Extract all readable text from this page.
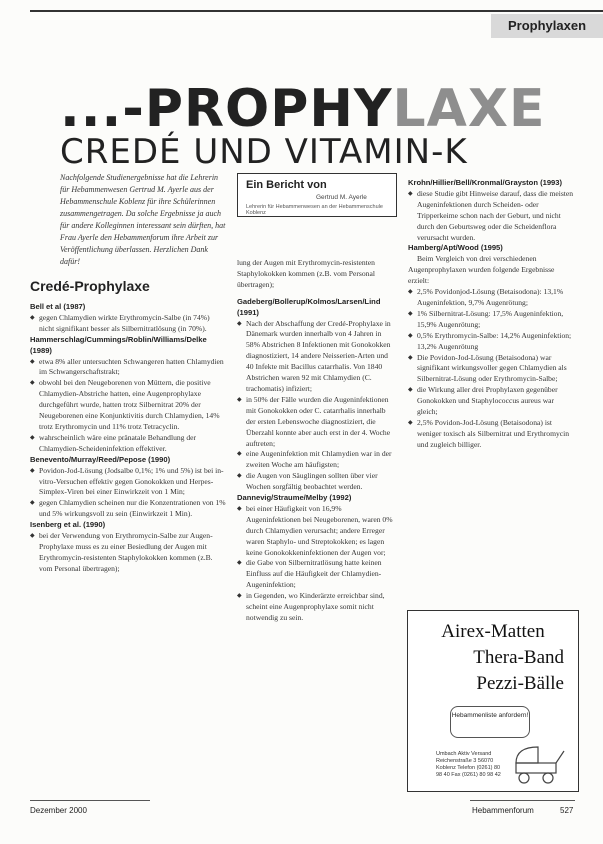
Prophylaxen
...-PROPHYLAXE
CREDÉ UND VITAMIN-K
Nachfolgende Studienergebnisse hat die Lehrerin für Hebammenwesen Gertrud M. Ayerle aus der Hebammenschule Koblenz für ihre Schülerinnen zusammengetragen. Da solche Ergebnisse ja auch für andere Kolleginnen interessant sein dürften, hat Frau Ayerle den Hebammenforum ihre Arbeit zur Veröffentlichung überlassen. Herzlichen Dank dafür!
Ein Bericht von
Gertrud M. Ayerle
Lehrerin für Hebammenwesen an der Hebammenschule Koblenz
Credé-Prophylaxe
Bell et al (1987)
◆ gegen Chlamydien wirkte Erythromycin-Salbe (in 74%) nicht signifikant besser als Silbernitratlösung (in 70%).
Hammerschlag/Cummings/Roblin/Williams/Delke (1989)
◆ etwa 8% aller untersuchten Schwangeren hatten Chlamydien im Schwangerschaftstrakt;
◆ obwohl bei den Neugeborenen von Müttern, die positive Chlamydien-Abstriche hatten, eine Augenprophylaxe durchgeführt wurde, hatten trotz Silbernitrat 20% der Neugeborenen eine Konjunktivitis durch Chlamydien, 14% trotz Erythromycin und 11% trotz Tetracyclin.
◆ wahrscheinlich wäre eine pränatale Behandlung der Chlamydien-Scheideninfektion effektiver.
Benevento/Murray/Reed/Pepose (1990)
◆ Povidon-Jod-Lösung (Jodsalbe 0,1%; 1% und 5%) ist bei in-vitro-Versuchen effektiv gegen Gonokokken und Herpes-Simplex-Viren bei einer Einwirkzeit von 1 Min;
◆ gegen Chlamydien scheinen nur die Konzentrationen von 1% und 5% wirkungsvoll zu sein (Einwirkzeit 1 Min).
Isenberg et al. (1990)
◆ bei der Verwendung von Erythromycin-Salbe zur Augen-Prophylaxe muss es zu einer Besiedlung der Augen mit Erythromycin-resistenten Staphylokokken kommen (z.B. vom Personal übertragen);

lung der Augen mit Erythromycin-resistenten Staphylokokken kommen (z.B. vom Personal übertragen);

Gadeberg/Bollerup/Kolmos/Larsen/Lind (1991)
◆ Nach der Abschaffung der Credé-Prophylaxe in Dänemark wurden innerhalb von 4 Jahren in 58% Abstrichen 8 Infektionen mit Gonokokken diagnostiziert, 14 andere Neisserien-Arten und 40 Infekte mit Bacillus catarrhalis. Von 1840 Abstrichen waren 92 mit Chlamydien (C. trachomatis) infiziert;
◆ in 50% der Fälle wurden die Augeninfektionen mit Gonokokken oder C. catarrhalis innerhalb der ersten Lebenswoche diagnostiziert, die Überzahl konnte aber auch erst in der 4. Woche auftreten;
◆ eine Augeninfektion mit Chlamydien war in der zweiten Woche am häufigsten;
◆ die Augen von Säuglingen sollten über vier Wochen sorgfältig beobachtet werden.
Dannevig/Straume/Melby (1992)
◆ bei einer Häufigkeit von 16,9% Augeninfektionen bei Neugeborenen, waren 0% durch Chlamydien verursacht; andere Erreger waren Staphylo- und Streptokokken; es lagen keine Gonokokkeninfektionen der Augen vor;
◆ die Gabe von Silbernitratlösung hatte keinen Einfluss auf die Häufigkeit der Chlamydien-Augeninfektion;
◆ in Gegenden, wo Kinderärzte erreichbar sind, scheint eine Augenprophylaxe somit nicht notwendig zu sein.
Krohn/Hillier/Bell/Kronmal/Grayston (1993)
◆ diese Studie gibt Hinweise darauf, dass die meisten Augeninfektionen durch Scheiden- oder Tripperkeime schon nach der Geburt, und nicht durch den Geburtsweg oder die Scheidenflora verursacht wurden.
Hamberg/Apt/Wood (1995)

Beim Vergleich von drei verschiedenen Augenprophylaxen wurden folgende Ergebnisse erzielt:

◆ 2,5% Povidonjod-Lösung (Betaisodona): 13,1% Augeninfektion, 9,7% Augenrötung;
◆ 1% Silbernitrat-Lösung: 17,5% Augeninfektion, 15,9% Augenrötung;
◆ 0,5% Erythromycin-Salbe: 14,2% Augeninfektion; 13,2% Augenrötung
◆ Die Povidon-Jod-Lösung (Betaisodona) war signifikant wirkungsvoller gegen Chlamydien als Silbernitrat-Lösung oder Erythromycin-Salbe;
◆ die Wirkung aller drei Prophylaxen gegenüber Gonokokken und Staphylococcus aureus war gleich;
◆ 2,5% Povidon-Jod-Lösung (Betaisodona) ist weniger toxisch als Silbernitrat und Erythromycin und zugleich billiger.
Airex-Matten
Thera-Band
Pezzi-Bälle
Hebammenliste anfordern!
Umbach Aktiv Versand Reichenstraße 3 56070 Koblenz Telefon (0261) 80 98 40 Fax (0261) 80 98 42
Dezember 2000	Hebammenforum	527
